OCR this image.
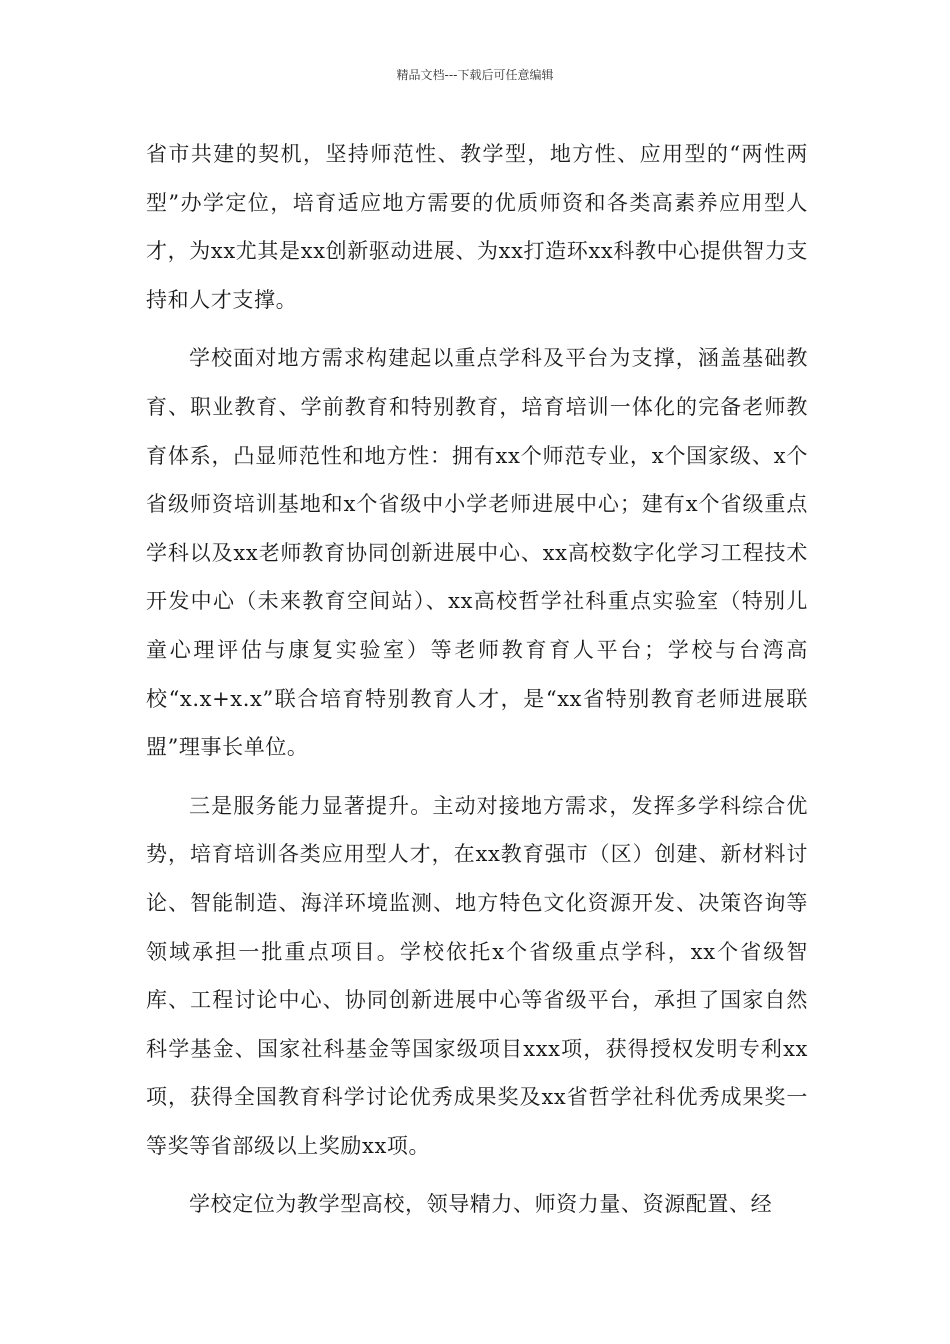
精品文档---下载后可任意编辑

省市共建的契机，坚持师范性、教学型，地方性、应用型的“两性两型”办学定位，培育适应地方需要的优质师资和各类高素养应用型人才，为xx尤其是xx创新驱动进展、为xx打造环xx科教中心提供智力支持和人才支撑。

学校面对地方需求构建起以重点学科及平台为支撑，涵盖基础教育、职业教育、学前教育和特别教育，培育培训一体化的完备老师教育体系，凸显师范性和地方性：拥有xx个师范专业，x个国家级、x个省级师资培训基地和x个省级中小学老师进展中心；建有x个省级重点学科以及xx老师教育协同创新进展中心、xx高校数字化学习工程技术开发中心（未来教育空间站）、xx高校哲学社科重点实验室（特别儿童心理评估与康复实验室）等老师教育育人平台；学校与台湾高校“x.x+x.x”联合培育特别教育人才，是“xx省特别教育老师进展联盟”理事长单位。

三是服务能力显著提升。主动对接地方需求，发挥多学科综合优势，培育培训各类应用型人才，在xx教育强市（区）创建、新材料讨论、智能制造、海洋环境监测、地方特色文化资源开发、决策咨询等领域承担一批重点项目。学校依托x个省级重点学科，xx个省级智库、工程讨论中心、协同创新进展中心等省级平台，承担了国家自然科学基金、国家社科基金等国家级项目xxx项，获得授权发明专利xx项，获得全国教育科学讨论优秀成果奖及xx省哲学社科优秀成果奖一等奖等省部级以上奖励xx项。

学校定位为教学型高校，领导精力、师资力量、资源配置、经
